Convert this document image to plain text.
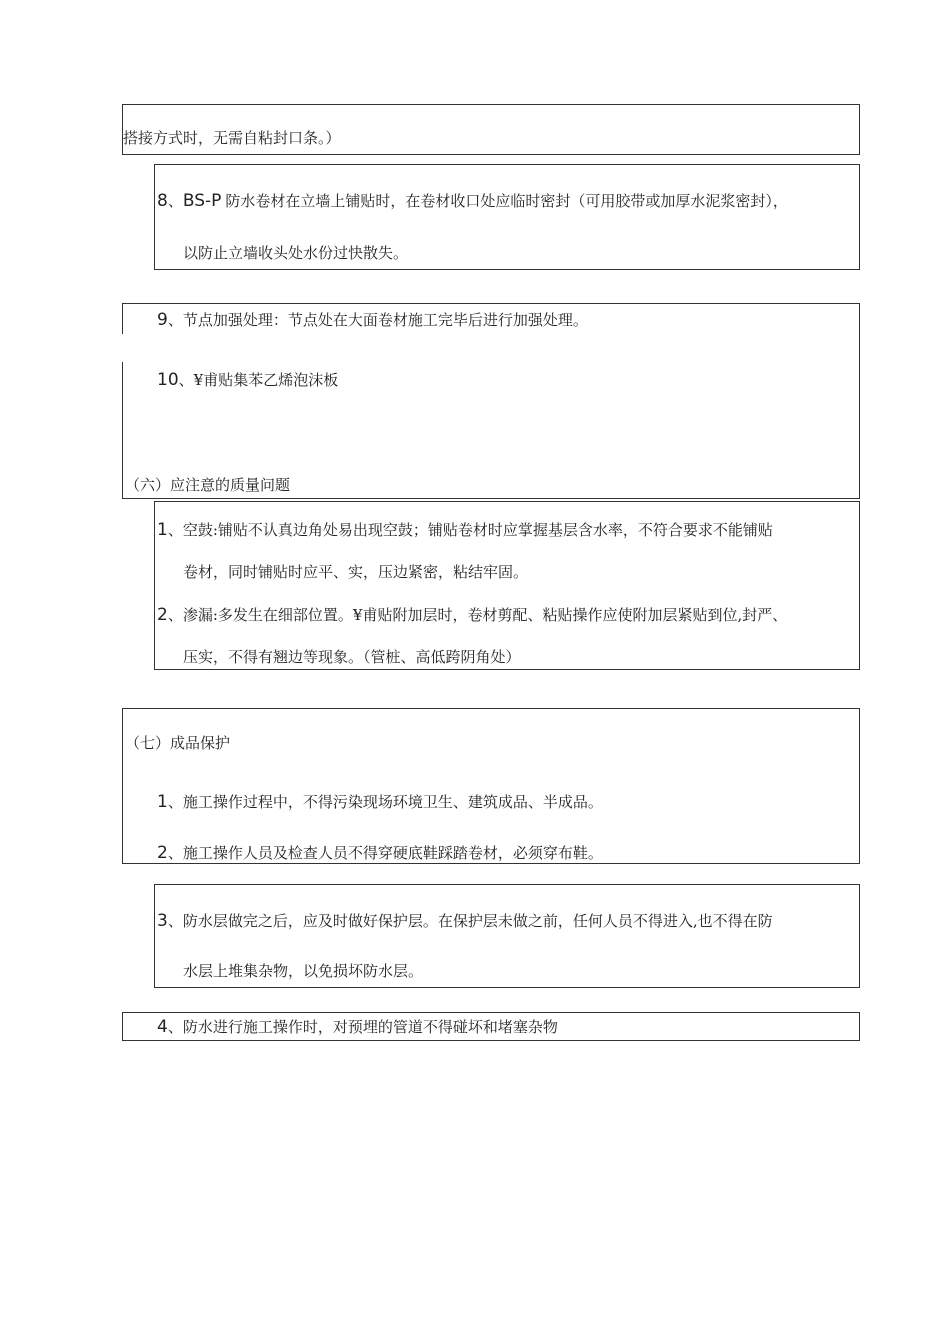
搭接方式时，无需自粘封口条。）
8、BS-P 防水卷材在立墙上铺贴时，在卷材收口处应临时密封（可用胶带或加厚水泥浆密封），
以防止立墙收头处水份过快散失。
9、节点加强处理：节点处在大面卷材施工完毕后进行加强处理。
10、¥甫贴集苯乙烯泡沫板
（六）应注意的质量问题
1、空鼓:铺贴不认真边角处易出现空鼓；铺贴卷材时应掌握基层含水率，不符合要求不能铺贴
卷材，同时铺贴时应平、实，压边紧密，粘结牢固。
2、渗漏:多发生在细部位置。¥甫贴附加层时，卷材剪配、粘贴操作应使附加层紧贴到位,封严、
压实，不得有翘边等现象。（管桩、高低跨阴角处）
（七）成品保护
1、施工操作过程中，不得污染现场环境卫生、建筑成品、半成品。
2、施工操作人员及检查人员不得穿硬底鞋踩踏卷材，必须穿布鞋。
3、防水层做完之后，应及时做好保护层。在保护层未做之前，任何人员不得进入,也不得在防
水层上堆集杂物，以免损坏防水层。
4、防水进行施工操作时，对预埋的管道不得碰坏和堵塞杂物
